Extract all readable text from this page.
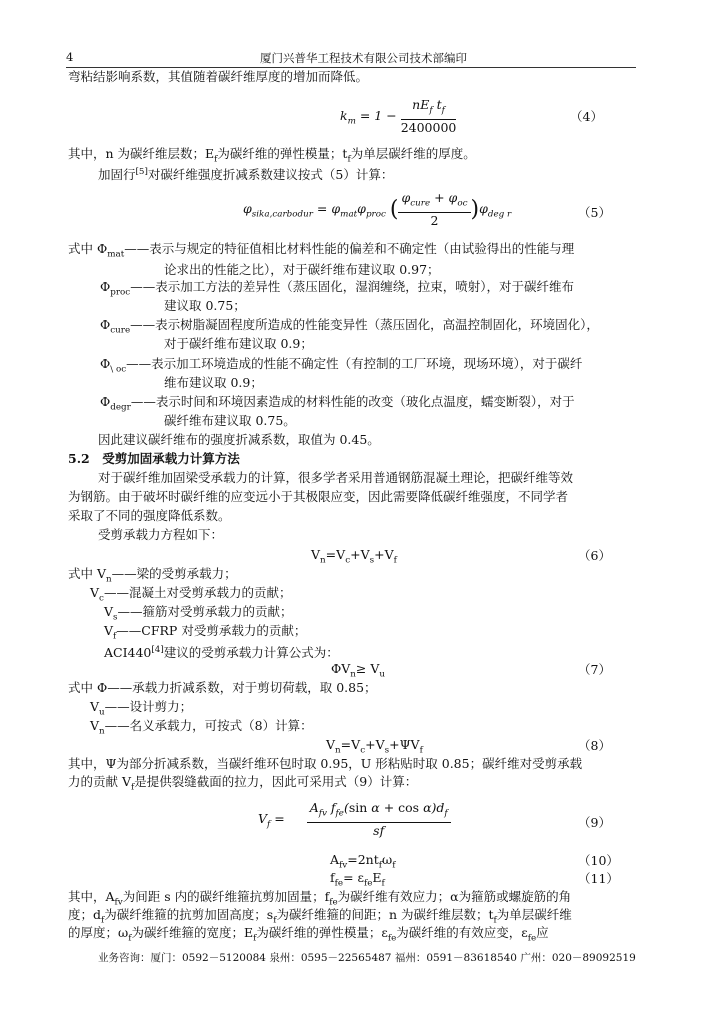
4	厦门兴普华工程技术有限公司技术部编印
弯粘结影响系数，其值随着碳纤维厚度的增加而降低。
$k_m = 1 - \frac{nE_f t_f}{2400000}$	（4）
其中，n 为碳纤维层数；$E_f$为碳纤维的弹性模量；$t_f$为单层碳纤维的厚度。
加固行[5]对碳纤维强度折减系数建议按式（5）计算：
$\varphi_{sika,carbodur} = \varphi_{mat}\varphi_{proc}$ ( $\frac{\varphi_{cure} + \varphi_{oc}}{2} )\varphi_{deg r}$	（5）
式中 $\Phi_{mat}——$表示与规定的特征值相比材料性能的偏差和不确定性（由试验得出的性能与理
论求出的性能之比），对于碳纤维布建议取 0.97；
$\Phi_{proc}——$表示加工方法的差异性（蒸压固化，湿润缠绕，拉束，喷射），对于碳纤维布
建议取 0.75；
$\Phi_{cure}——$表示树脂凝固程度所造成的性能变异性（蒸压固化，高温控制固化，环境固化），
对于碳纤维布建议取 0.9；
$\Phi_{\backslash oc}——$表示加工环境造成的性能不确定性（有控制的工厂环境，现场环境），对于碳纤
维布建议取 0.9；
$\Phi_{degr}——$表示时间和环境因素造成的材料性能的改变（玻化点温度，蠕变断裂），对于
碳纤维布建议取 0.75。
因此建议碳纤维布的强度折减系数，取值为 0.45。
5.2　受剪加固承载力计算方法
对于碳纤维加固梁受承载力的计算，很多学者采用普通钢筋混凝土理论，把碳纤维等效
为钢筋。由于破坏时碳纤维的应变远小于其极限应变，因此需要降低碳纤维强度，不同学者
采取了不同的强度降低系数。
受剪承载力方程如下：
$V_n=V_c+V_s+V_f$	（6）
式中 $V_n——$梁的受剪承载力；
$V_c——$混凝土对受剪承载力的贡献；
$V_s——$箍筋对受剪承载力的贡献；
$V_f——CFRP$ 对受剪承载力的贡献；
ACI440[4]建议的受剪承载力计算公式为：
$\Phi V_n\ge V_u$	（7）
式中 Φ——承载力折减系数，对于剪切荷载，取 0.85；
$V_u——$设计剪力；
$V_n——$名义承载力，可按式（8）计算：
$V_n=V_c+V_s+\Psi V_f$	（8）
其中，Ψ为部分折减系数，当碳纤维环包时取 0.95，U 形粘贴时取 0.85；碳纤维对受剪承载
力的贡献 $V_f$是提供裂缝截面的拉力，因此可采用式（9）计算：
$V_f = \frac{A_{fv} f_{fe}(\sin \alpha + \cos \alpha)d_f}{sf}$	（9）
$A_{fv}=2nt_f\omega_f$	（10）
$f_{fe}= \varepsilon_{fe}E_f$	（11）
其中，$A_{fv}$为间距 s 内的碳纤维箍抗剪加固量；$f_{fe}$为碳纤维有效应力；α为箍筋或螺旋筋的角
度；$d_f$为碳纤维箍的抗剪加固高度；$s_f$为碳纤维箍的间距；n 为碳纤维层数；$t_f$为单层碳纤维
的厚度；$\omega_f$为碳纤维箍的宽度；$E_f$为碳纤维的弹性模量；$\varepsilon_{fe}$为碳纤维的有效应变，$\varepsilon_{fe}$应
业务咨询：厦门：0592－5120084 泉州：0595－22565487 福州：0591－83618540 广州：020－89092519
